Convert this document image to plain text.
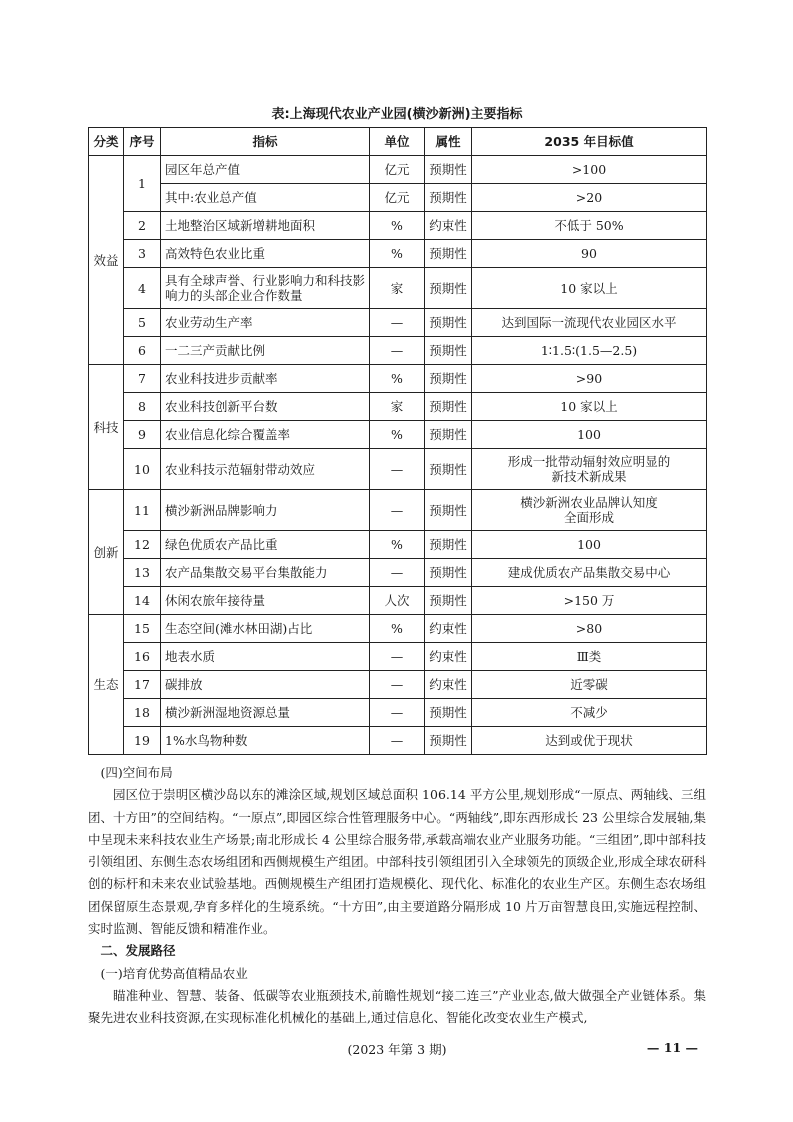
表:上海现代农业产业园(横沙新洲)主要指标
分类	序号	指标	单位	属性	2035 年目标值
效益	1	园区年总产值	亿元	预期性	>100
		其中:农业总产值	亿元	预期性	>20
	2	土地整治区域新增耕地面积	%	约束性	不低于 50%
	3	高效特色农业比重	%	预期性	90
	4	具有全球声誉、行业影响力和科技影响力的头部企业合作数量	家	预期性	10 家以上
	5	农业劳动生产率	—	预期性	达到国际一流现代农业园区水平
	6	一二三产贡献比例	—	预期性	1∶1.5∶(1.5—2.5)
科技	7	农业科技进步贡献率	%	预期性	>90
	8	农业科技创新平台数	家	预期性	10 家以上
	9	农业信息化综合覆盖率	%	预期性	100
	10	农业科技示范辐射带动效应	—	预期性	形成一批带动辐射效应明显的新技术新成果
创新	11	横沙新洲品牌影响力	—	预期性	横沙新洲农业品牌认知度全面形成
	12	绿色优质农产品比重	%	预期性	100
	13	农产品集散交易平台集散能力	—	预期性	建成优质农产品集散交易中心
	14	休闲农旅年接待量	人次	预期性	>150 万
生态	15	生态空间(滩水林田湖)占比	%	约束性	>80
	16	地表水质	—	约束性	Ⅲ类
	17	碳排放	—	约束性	近零碳
	18	横沙新洲湿地资源总量	—	预期性	不减少
	19	1%水鸟物种数	—	预期性	达到或优于现状

(四)空间布局

园区位于崇明区横沙岛以东的滩涂区域,规划区域总面积 106.14 平方公里,规划形成“一原点、两轴线、三组团、十方田”的空间结构。“一原点”,即园区综合性管理服务中心。“两轴线”,即东西形成长 23 公里综合发展轴,集中呈现未来科技农业生产场景;南北形成长 4 公里综合服务带,承载高端农业产业服务功能。“三组团”,即中部科技引领组团、东侧生态农场组团和西侧规模生产组团。中部科技引领组团引入全球领先的顶级企业,形成全球农研科创的标杆和未来农业试验基地。西侧规模生产组团打造规模化、现代化、标准化的农业生产区。东侧生态农场组团保留原生态景观,孕育多样化的生境系统。“十方田”,由主要道路分隔形成 10 片万亩智慧良田,实施远程控制、实时监测、智能反馈和精准作业。

二、发展路径

(一)培育优势高值精品农业

瞄准种业、智慧、装备、低碳等农业瓶颈技术,前瞻性规划“接二连三”产业业态,做大做强全产业链体系。集聚先进农业科技资源,在实现标准化机械化的基础上,通过信息化、智能化改变农业生产模式,

(2023 年第 3 期)	— 11 —
